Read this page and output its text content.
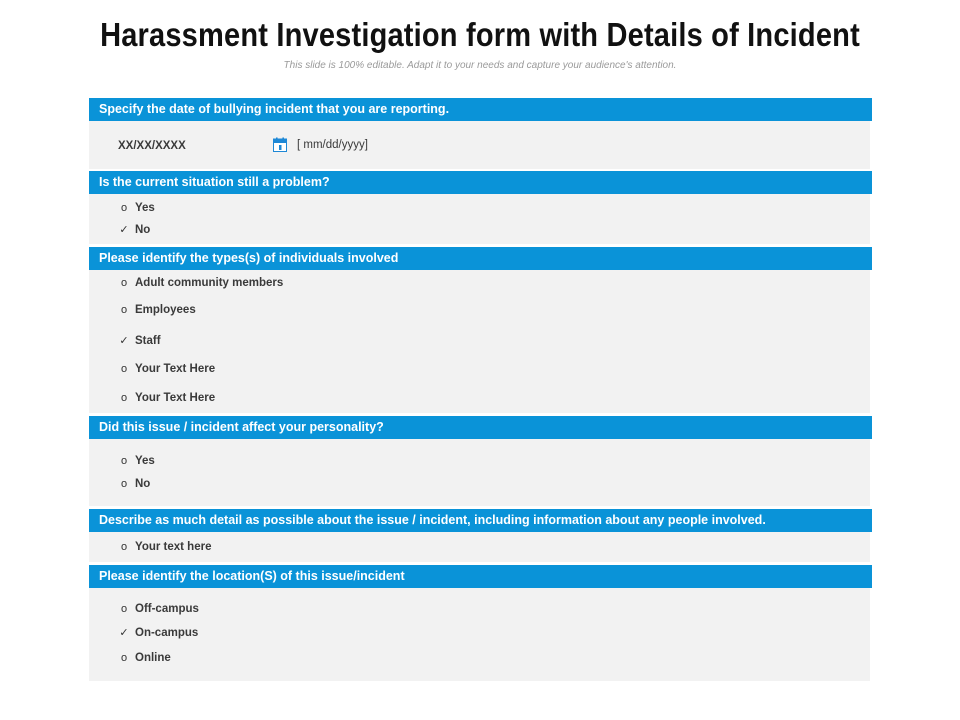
Harassment Investigation form with Details of Incident
This slide is 100% editable. Adapt it to your needs and capture your audience's attention.
Specify the date of bullying incident that you are reporting.
XX/XX/XXXX	[ mm/dd/yyyy]
Is the current situation still a problem?
o Yes
✓ No
Please identify the types(s) of individuals involved
o Adult community members
o Employees
✓ Staff
o Your Text Here
o Your Text Here
Did this issue / incident affect your personality?
o Yes
o No
Describe as much detail as possible about the issue / incident, including information about any people involved.
o Your text here
Please identify the location(S) of this issue/incident
o Off-campus
✓ On-campus
o Online
